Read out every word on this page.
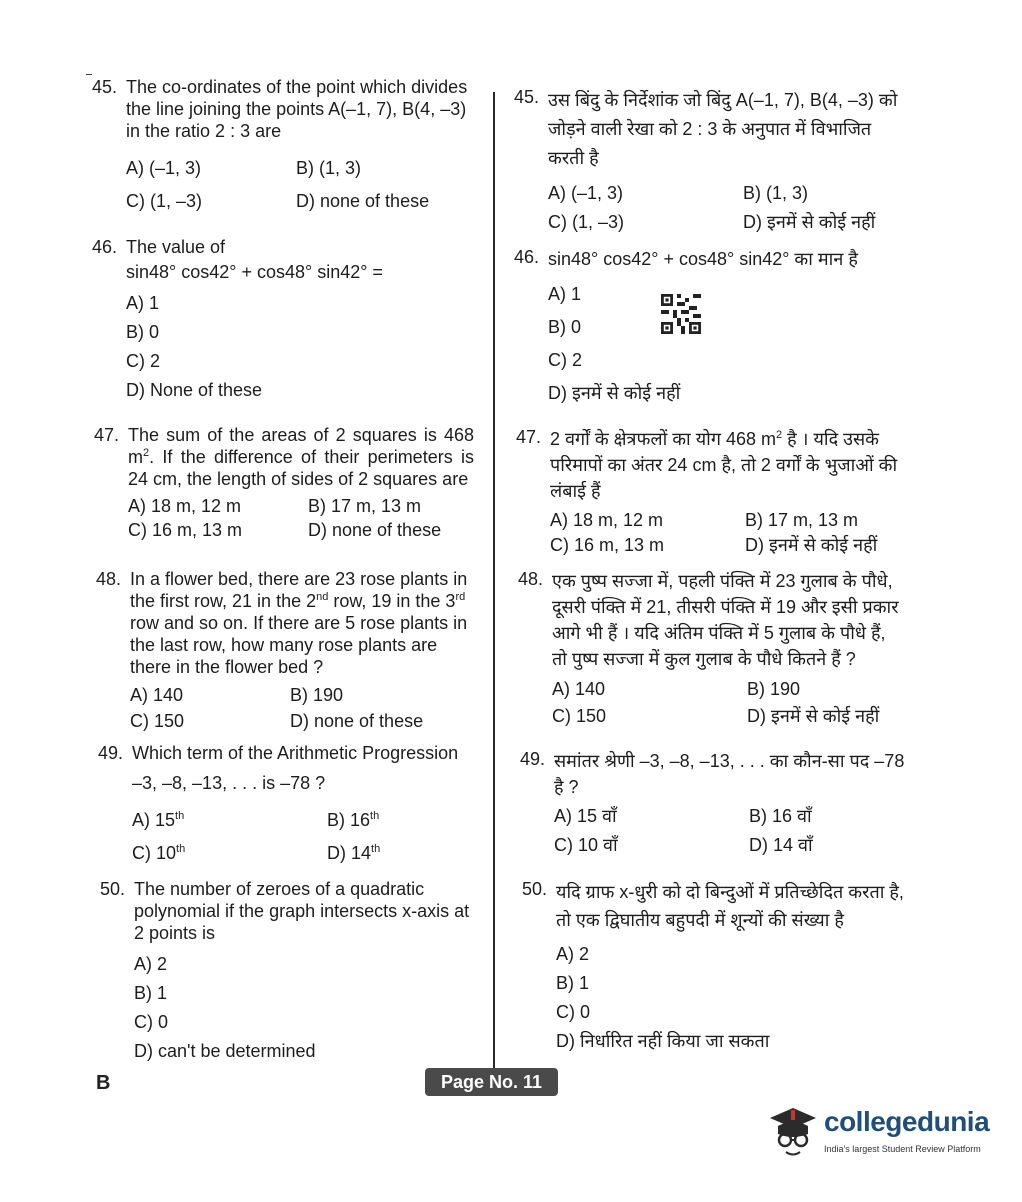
45. The co-ordinates of the point which divides the line joining the points A(–1, 7), B(4, –3) in the ratio 2 : 3 are
A) (–1, 3)	B) (1, 3)
C) (1, –3)	D) none of these
46. The value of
sin48° cos42° + cos48° sin42° =
A) 1
B) 0
C) 2
D) None of these
47. The sum of the areas of 2 squares is 468 $m^2$. If the difference of their perimeters is 24 cm, the length of sides of 2 squares are
A) 18 m, 12 m	B) 17 m, 13 m
C) 16 m, 13 m	D) none of these
48. In a flower bed, there are 23 rose plants in the first row, 21 in the 2nd row, 19 in the 3rd row and so on. If there are 5 rose plants in the last row, how many rose plants are there in the flower bed ?
A) 140	B) 190
C) 150	D) none of these
49. Which term of the Arithmetic Progression
–3, –8, –13, . . . is –78 ?
A) 15th	B) 16th
C) 10th	D) 14th
50. The number of zeroes of a quadratic polynomial if the graph intersects x-axis at 2 points is
A) 2
B) 1
C) 0
D) can't be determined
45. उस बिंदु के निर्देशांक जो बिंदु A(–1, 7), B(4, –3) को जोड़ने वाली रेखा को 2 : 3 के अनुपात में विभाजित करती है
A) (–1, 3)	B) (1, 3)
C) (1, –3)	D) इनमें से कोई नहीं
46. sin48° cos42° + cos48° sin42° का मान है
A) 1
B) 0
C) 2
D) इनमें से कोई नहीं
47. 2 वर्गों के क्षेत्रफलों का योग 468 $m^2$ है । यदि उसके परिमापों का अंतर 24 cm है, तो 2 वर्गों के भुजाओं की लंबाई हैं
A) 18 m, 12 m	B) 17 m, 13 m
C) 16 m, 13 m	D) इनमें से कोई नहीं
48. एक पुष्प सज्जा में, पहली पंक्ति में 23 गुलाब के पौधे, दूसरी पंक्ति में 21, तीसरी पंक्ति में 19 और इसी प्रकार आगे भी हैं । यदि अंतिम पंक्ति में 5 गुलाब के पौधे हैं, तो पुष्प सज्जा में कुल गुलाब के पौधे कितने हैं ?
A) 140	B) 190
C) 150	D) इनमें से कोई नहीं
49. समांतर श्रेणी –3, –8, –13, . . . का कौन-सा पद –78 है ?
A) 15 वाँ	B) 16 वाँ
C) 10 वाँ	D) 14 वाँ
50. यदि ग्राफ x-धुरी को दो बिन्दुओं में प्रतिच्छेदित करता है, तो एक द्विघातीय बहुपदी में शून्यों की संख्या है
A) 2
B) 1
C) 0
D) निर्धारित नहीं किया जा सकता
B	Page No. 11
collegedunia
India's largest Student Review Platform
